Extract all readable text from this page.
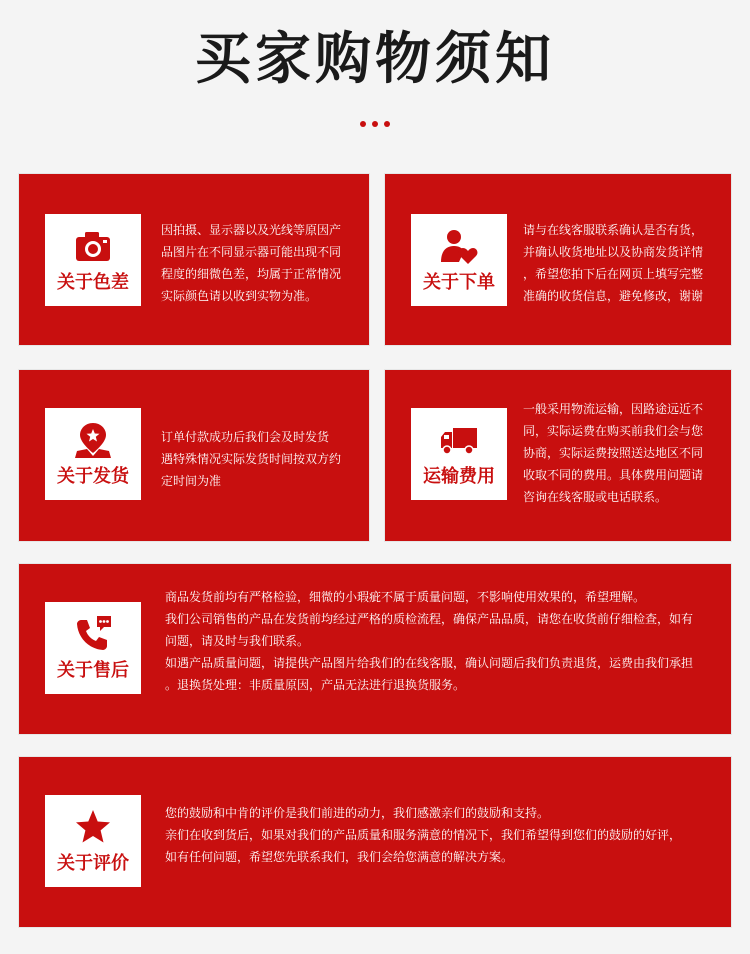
买家购物须知
关于色差

因拍摄、显示器以及光线等原因产

品图片在不同显示器可能出现不同

程度的细微色差，均属于正常情况

实际颜色请以收到实物为准。

关于下单

请与在线客服联系确认是否有货，

并确认收货地址以及协商发货详情

，希望您拍下后在网页上填写完整

准确的收货信息，避免修改，谢谢

关于发货

订单付款成功后我们会及时发货

遇特殊情况实际发货时间按双方约

定时间为准	运输费用

一般采用物流运输，因路途远近不

同，实际运费在购买前我们会与您

协商，实际运费按照送达地区不同

收取不同的费用。具体费用问题请

咨询在线客服或电话联系。

关于售后

商品发货前均有严格检验，细微的小瑕疵不属于质量问题，不影响使用效果的，希望理解。

我们公司销售的产品在发货前均经过严格的质检流程，确保产品品质，请您在收货前仔细检查，如有

问题，请及时与我们联系。

如遇产品质量问题，请提供产品图片给我们的在线客服，确认问题后我们负责退货，运费由我们承担

。退换货处理：非质量原因，产品无法进行退换货服务。

关于评价

您的鼓励和中肯的评价是我们前进的动力，我们感激亲们的鼓励和支持。

亲们在收到货后，如果对我们的产品质量和服务满意的情况下，我们希望得到您们的鼓励的好评，

如有任何问题，希望您先联系我们，我们会给您满意的解决方案。
